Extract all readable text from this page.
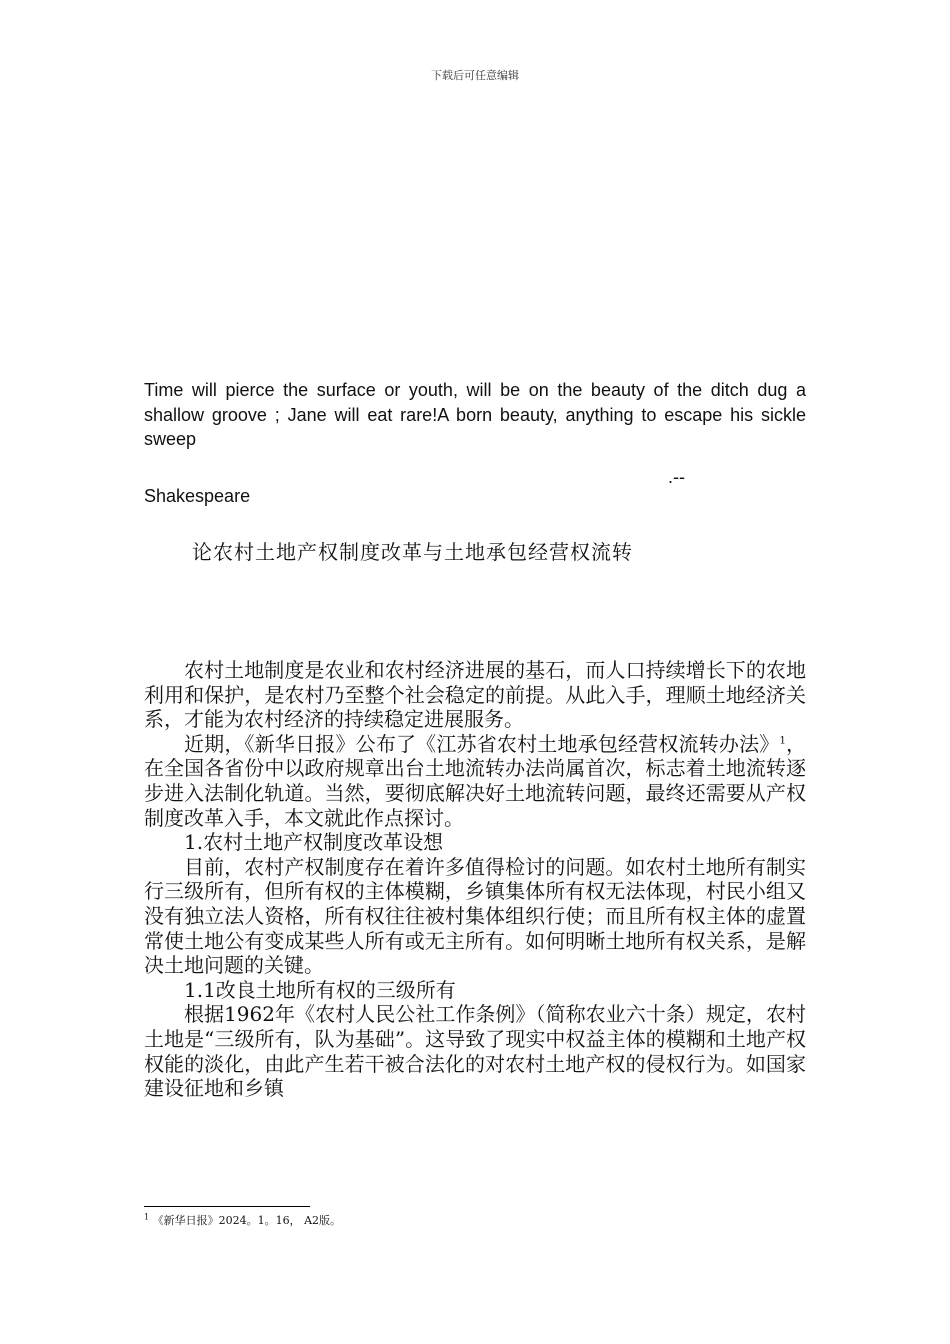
下载后可任意编辑
Time will pierce the surface or youth, will be on the beauty of the ditch dug a shallow groove ; Jane will eat rare!A born beauty, anything to escape his sickle sweep
.--
Shakespeare
论农村土地产权制度改革与土地承包经营权流转

农村土地制度是农业和农村经济进展的基石，而人口持续增长下的农地利用和保护，是农村乃至整个社会稳定的前提。从此入手，理顺土地经济关系，才能为农村经济的持续稳定进展服务。

近期，《新华日报》公布了《江苏省农村土地承包经营权流转办法》$^1$，在全国各省份中以政府规章出台土地流转办法尚属首次，标志着土地流转逐步进入法制化轨道。当然，要彻底解决好土地流转问题，最终还需要从产权制度改革入手，本文就此作点探讨。

1.农村土地产权制度改革设想

目前，农村产权制度存在着许多值得检讨的问题。如农村土地所有制实行三级所有，但所有权的主体模糊，乡镇集体所有权无法体现，村民小组又没有独立法人资格，所有权往往被村集体组织行使；而且所有权主体的虚置常使土地公有变成某些人所有或无主所有。如何明晰土地所有权关系，是解决土地问题的关键。

1.1改良土地所有权的三级所有

根据1962年《农村人民公社工作条例》（简称农业六十条）规定，农村土地是“三级所有，队为基础”。这导致了现实中权益主体的模糊和土地产权权能的淡化，由此产生若干被合法化的对农村土地产权的侵权行为。如国家建设征地和乡镇

$^1$ 《新华日报》2024。1。16， A2版。
